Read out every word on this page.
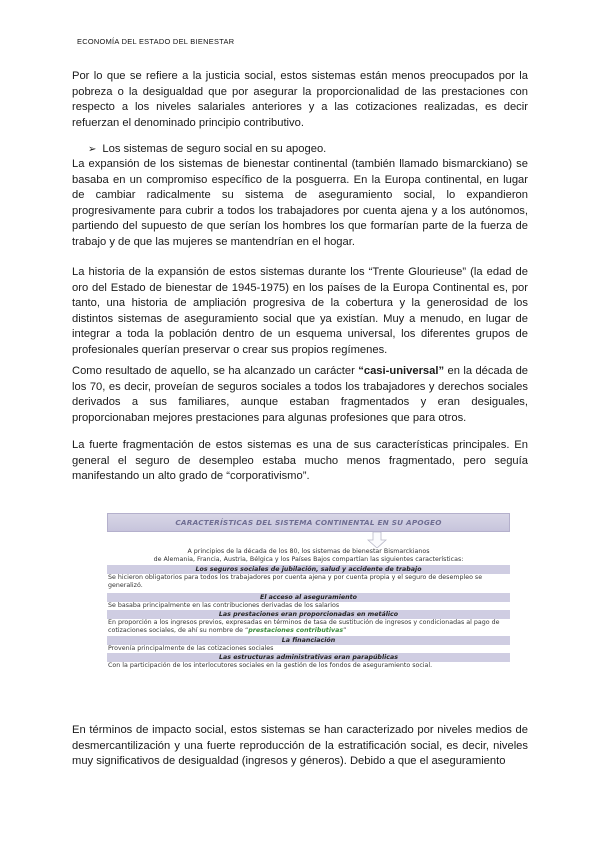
ECONOMÍA DEL ESTADO DEL BIENESTAR

Por lo que se refiere a la justicia social, estos sistemas están menos preocupados por la pobreza o la desigualdad que por asegurar la proporcionalidad de las prestaciones con respecto a los niveles salariales anteriores y a las cotizaciones realizadas, es decir refuerzan el denominado principio contributivo.

➢ Los sistemas de seguro social en su apogeo.

La expansión de los sistemas de bienestar continental (también llamado bismarckiano) se basaba en un compromiso específico de la posguerra. En la Europa continental, en lugar de cambiar radicalmente su sistema de aseguramiento social, lo expandieron progresivamente para cubrir a todos los trabajadores por cuenta ajena y a los autónomos, partiendo del supuesto de que serían los hombres los que formarían parte de la fuerza de trabajo y de que las mujeres se mantendrían en el hogar.

La historia de la expansión de estos sistemas durante los “Trente Glourieuse” (la edad de oro del Estado de bienestar de 1945-1975) en los países de la Europa Continental es, por tanto, una historia de ampliación progresiva de la cobertura y la generosidad de los distintos sistemas de aseguramiento social que ya existían. Muy a menudo, en lugar de integrar a toda la población dentro de un esquema universal, los diferentes grupos de profesionales querían preservar o crear sus propios regímenes.

Como resultado de aquello, se ha alcanzado un carácter “casi-universal” en la década de los 70, es decir, proveían de seguros sociales a todos los trabajadores y derechos sociales derivados a sus familiares, aunque estaban fragmentados y eran desiguales, proporcionaban mejores prestaciones para algunas profesiones que para otros.

La fuerte fragmentación de estos sistemas es una de sus características principales. En general el seguro de desempleo estaba mucho menos fragmentado, pero seguía manifestando un alto grado de “corporativismo”.

CARACTERÍSTICAS DEL SISTEMA CONTINENTAL EN SU APOGEO
A principios de la década de los 80, los sistemas de bienestar Bismarckianos
de Alemania, Francia, Austria, Bélgica y los Países Bajos compartían las siguientes características:
Los seguros sociales de jubilación, salud y accidente de trabajo
Se hicieron obligatorios para todos los trabajadores por cuenta ajena y por cuenta propia y el seguro de desempleo se generalizó.
El acceso al aseguramiento
Se basaba principalmente en las contribuciones derivadas de los salarios
Las prestaciones eran proporcionadas en metálico
En proporción a los ingresos previos, expresadas en términos de tasa de sustitución de ingresos y condicionadas al pago de cotizaciones sociales, de ahí su nombre de “prestaciones contributivas”
La financiación
Provenía principalmente de las cotizaciones sociales
Las estructuras administrativas eran parapúblicas
Con la participación de los interlocutores sociales en la gestión de los fondos de aseguramiento social.

En términos de impacto social, estos sistemas se han caracterizado por niveles medios de desmercantilización y una fuerte reproducción de la estratificación social, es decir, niveles muy significativos de desigualdad (ingresos y géneros). Debido a que el aseguramiento
